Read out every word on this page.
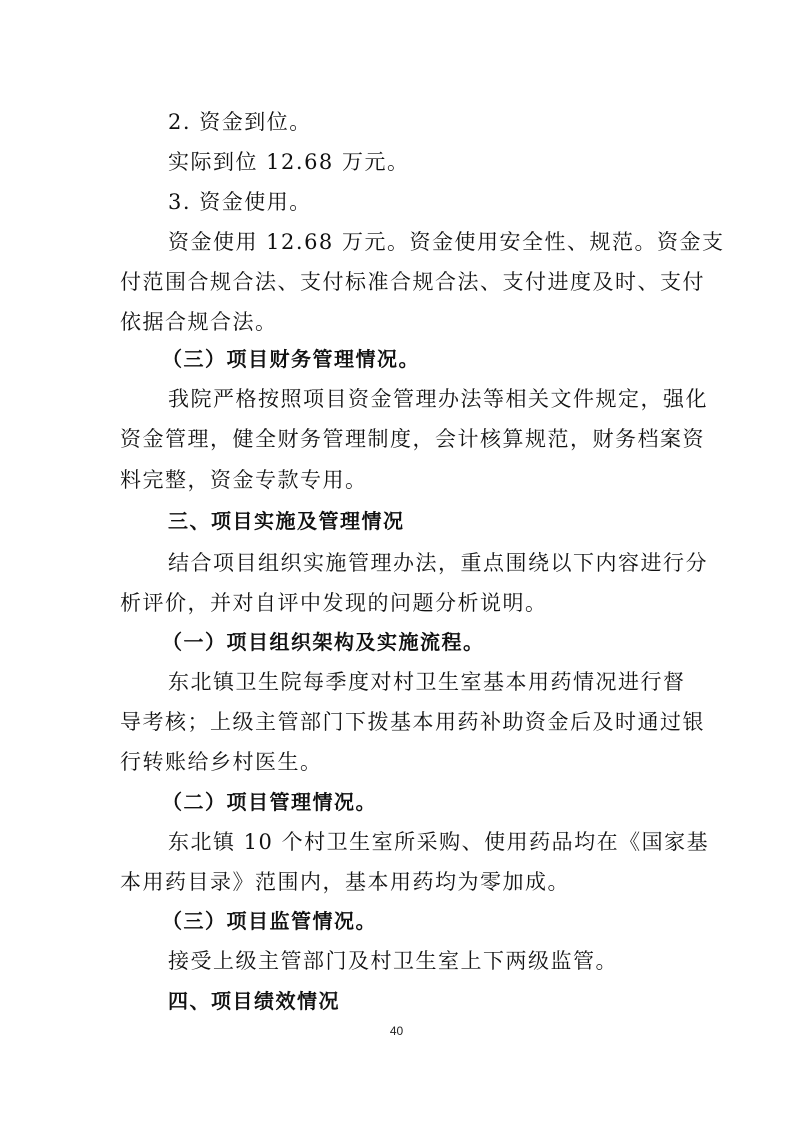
2. 资金到位。
实际到位 12.68 万元。
3. 资金使用。
资金使用 12.68 万元。资金使用安全性、规范。资金支
付范围合规合法、支付标准合规合法、支付进度及时、支付
依据合规合法。
（三）项目财务管理情况。
我院严格按照项目资金管理办法等相关文件规定，强化
资金管理，健全财务管理制度，会计核算规范，财务档案资
料完整，资金专款专用。
三、项目实施及管理情况
结合项目组织实施管理办法，重点围绕以下内容进行分
析评价，并对自评中发现的问题分析说明。
（一）项目组织架构及实施流程。
东北镇卫生院每季度对村卫生室基本用药情况进行督
导考核；上级主管部门下拨基本用药补助资金后及时通过银
行转账给乡村医生。
（二）项目管理情况。
东北镇 10 个村卫生室所采购、使用药品均在《国家基
本用药目录》范围内，基本用药均为零加成。
（三）项目监管情况。
接受上级主管部门及村卫生室上下两级监管。
四、项目绩效情况
40
